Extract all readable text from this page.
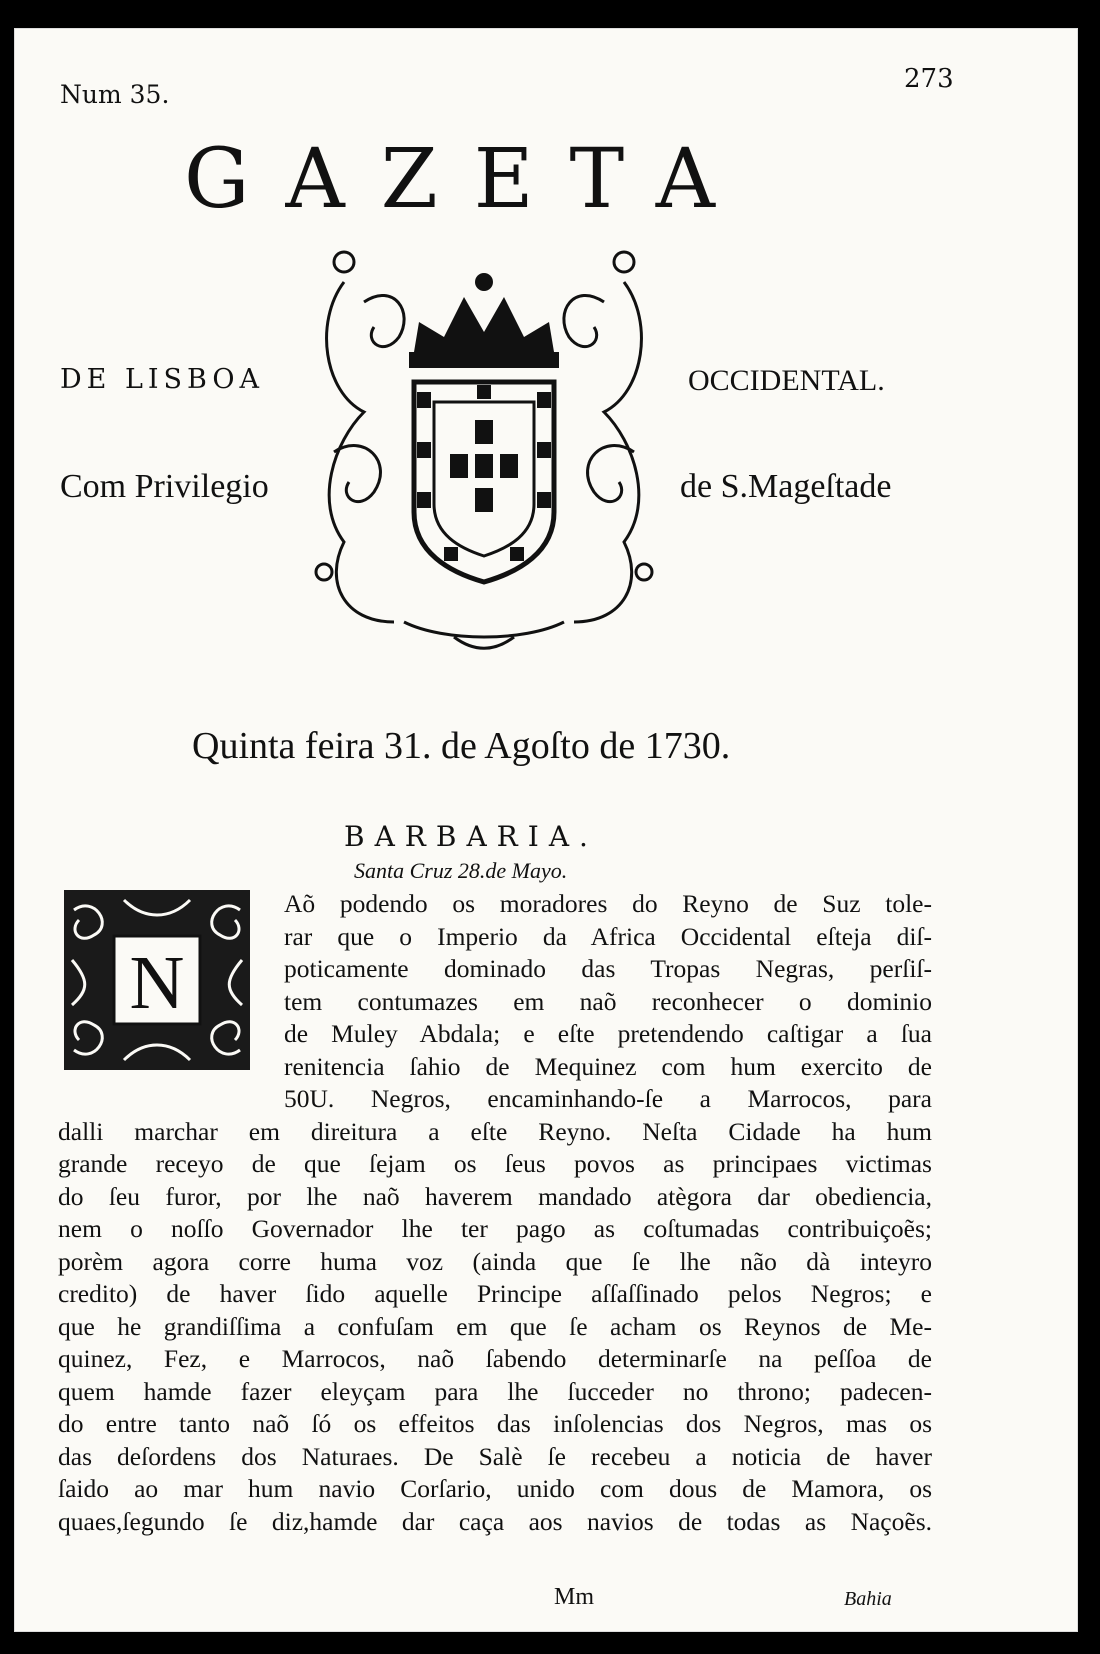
Num 35.
273
GAZETA
DE LISBOA	OCCIDENTAL.
Com Privilegio	de S.Mageſtade
Quinta feira 31. de Agoſto de 1730.
BARBARIA.
Santa Cruz 28.de Mayo.
N
Aõ podendo os moradores do Reyno de Suz tole-
rar que o Imperio da Africa Occidental eſteja diſ-
poticamente dominado das Tropas Negras, perſiſ-
tem contumazes em naõ reconhecer o dominio
de Muley Abdala; e eſte pretendendo caſtigar a ſua
renitencia ſahio de Mequinez com hum exercito de
50U. Negros, encaminhando-ſe a Marrocos, para
dalli marchar em direitura a eſte Reyno. Neſta Cidade ha hum
grande receyo de que ſejam os ſeus povos as principaes victimas
do ſeu furor, por lhe naõ haverem mandado atègora dar obediencia,
nem o noſſo Governador lhe ter pago as coſtumadas contribuiçoẽs;
porèm agora corre huma voz (ainda que ſe lhe não dà inteyro
credito) de haver ſido aquelle Principe aſſaſſinado pelos Negros; e
que he grandiſſima a confuſam em que ſe acham os Reynos de Me-
quinez, Fez, e Marrocos, naõ ſabendo determinarſe na peſſoa de
quem hamde fazer eleyçam para lhe ſucceder no throno; padecen-
do entre tanto naõ ſó os effeitos das inſolencias dos Negros, mas os
das deſordens dos Naturaes. De Salè ſe recebeu a noticia de haver
ſaido ao mar hum navio Corſario, unido com dous de Mamora, os
quaes,ſegundo ſe diz,hamde dar caça aos navios de todas as Naçoẽs.
Mm	Bahia
